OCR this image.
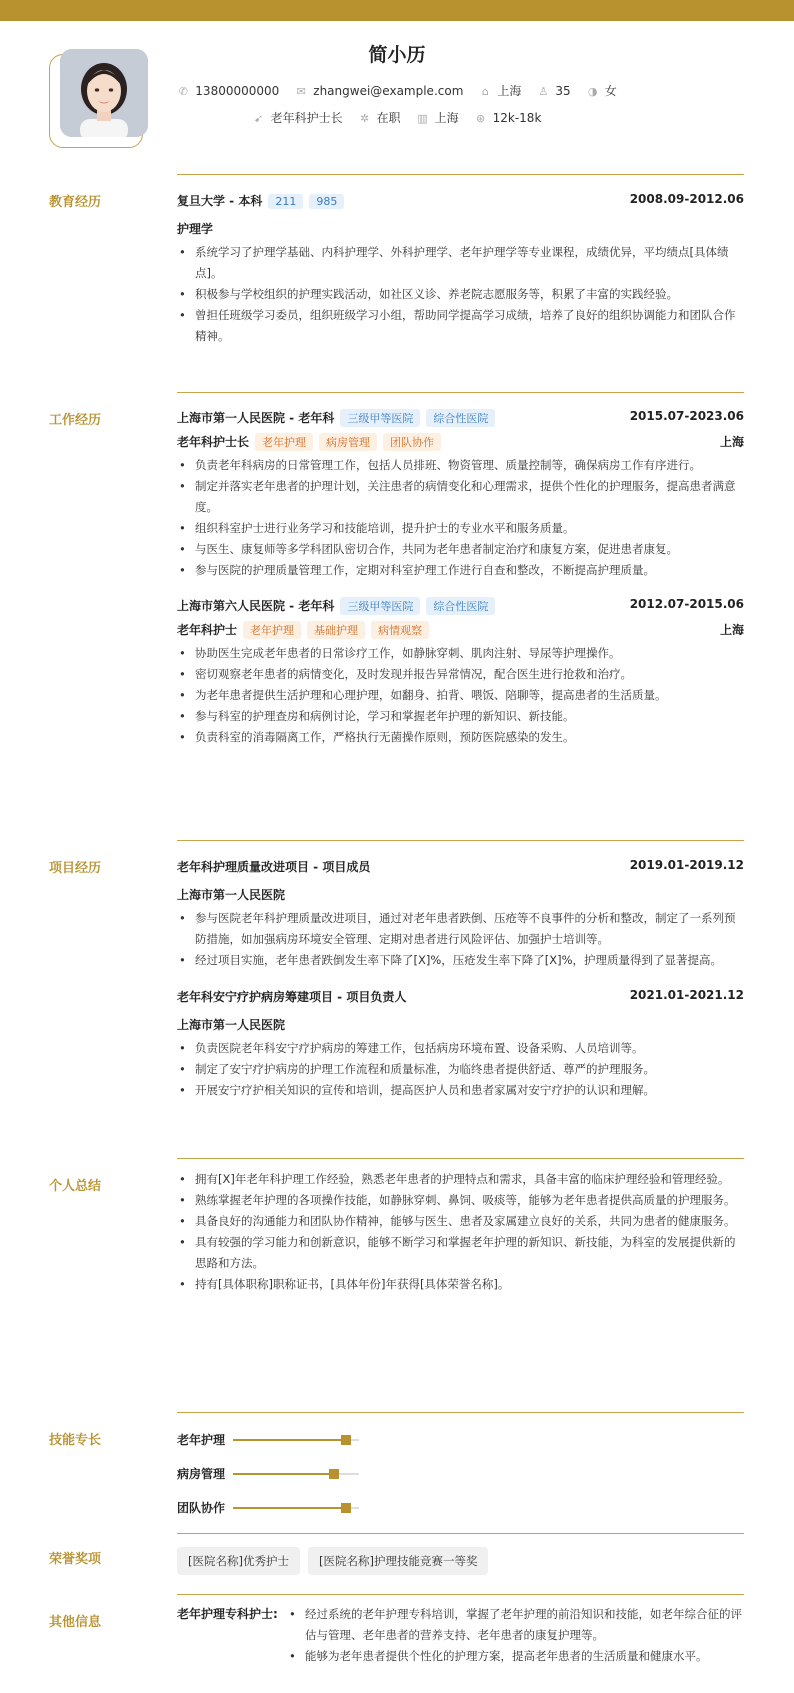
简小历
✆ 13800000000 ✉ zhangwei@example.com ⌂ 上海 ♙ 35 ◑ 女
➹ 老年科护士长 ✲ 在职 ▥ 上海 ⊛ 12k-18k
教育经历	复旦大学 - 本科 211 985	2008.09-2012.06
护理学
• 系统学习了护理学基础、内科护理学、外科护理学、老年护理学等专业课程，成绩优异，平均绩点[具体绩点]。
• 积极参与学校组织的护理实践活动，如社区义诊、养老院志愿服务等，积累了丰富的实践经验。
• 曾担任班级学习委员，组织班级学习小组，帮助同学提高学习成绩，培养了良好的组织协调能力和团队合作精神。
工作经历	上海市第一人民医院 - 老年科 三级甲等医院 综合性医院	2015.07-2023.06
老年科护士长 老年护理 病房管理 团队协作	上海
• 负责老年科病房的日常管理工作，包括人员排班、物资管理、质量控制等，确保病房工作有序进行。
• 制定并落实老年患者的护理计划，关注患者的病情变化和心理需求，提供个性化的护理服务，提高患者满意度。
• 组织科室护士进行业务学习和技能培训，提升护士的专业水平和服务质量。
• 与医生、康复师等多学科团队密切合作，共同为老年患者制定治疗和康复方案，促进患者康复。
• 参与医院的护理质量管理工作，定期对科室护理工作进行自查和整改，不断提高护理质量。
上海市第六人民医院 - 老年科 三级甲等医院 综合性医院	2012.07-2015.06
老年科护士 老年护理 基础护理 病情观察	上海
• 协助医生完成老年患者的日常诊疗工作，如静脉穿刺、肌肉注射、导尿等护理操作。
• 密切观察老年患者的病情变化，及时发现并报告异常情况，配合医生进行抢救和治疗。
• 为老年患者提供生活护理和心理护理，如翻身、拍背、喂饭、陪聊等，提高患者的生活质量。
• 参与科室的护理查房和病例讨论，学习和掌握老年护理的新知识、新技能。
• 负责科室的消毒隔离工作，严格执行无菌操作原则，预防医院感染的发生。
项目经历	老年科护理质量改进项目 - 项目成员	2019.01-2019.12
上海市第一人民医院
• 参与医院老年科护理质量改进项目，通过对老年患者跌倒、压疮等不良事件的分析和整改，制定了一系列预防措施，如加强病房环境安全管理、定期对患者进行风险评估、加强护士培训等。
• 经过项目实施，老年患者跌倒发生率下降了[X]%，压疮发生率下降了[X]%，护理质量得到了显著提高。
老年科安宁疗护病房筹建项目 - 项目负责人	2021.01-2021.12
上海市第一人民医院
• 负责医院老年科安宁疗护病房的筹建工作，包括病房环境布置、设备采购、人员培训等。
• 制定了安宁疗护病房的护理工作流程和质量标准，为临终患者提供舒适、尊严的护理服务。
• 开展安宁疗护相关知识的宣传和培训，提高医护人员和患者家属对安宁疗护的认识和理解。
个人总结	• 拥有[X]年老年科护理工作经验，熟悉老年患者的护理特点和需求，具备丰富的临床护理经验和管理经验。
• 熟练掌握老年护理的各项操作技能，如静脉穿刺、鼻饲、吸痰等，能够为老年患者提供高质量的护理服务。
• 具备良好的沟通能力和团队协作精神，能够与医生、患者及家属建立良好的关系，共同为患者的健康服务。
• 具有较强的学习能力和创新意识，能够不断学习和掌握老年护理的新知识、新技能，为科室的发展提供新的思路和方法。
• 持有[具体职称]职称证书，[具体年份]年获得[具体荣誉名称]。
技能专长	老年护理
病房管理
团队协作
荣誉奖项	[医院名称]优秀护士	[医院名称]护理技能竞赛一等奖
其他信息
老年护理专科护士:	• 经过系统的老年护理专科培训，掌握了老年护理的前沿知识和技能，如老年综合征的评估与管理、老年患者的营养支持、老年患者的康复护理等。
• 能够为老年患者提供个性化的护理方案，提高老年患者的生活质量和健康水平。
